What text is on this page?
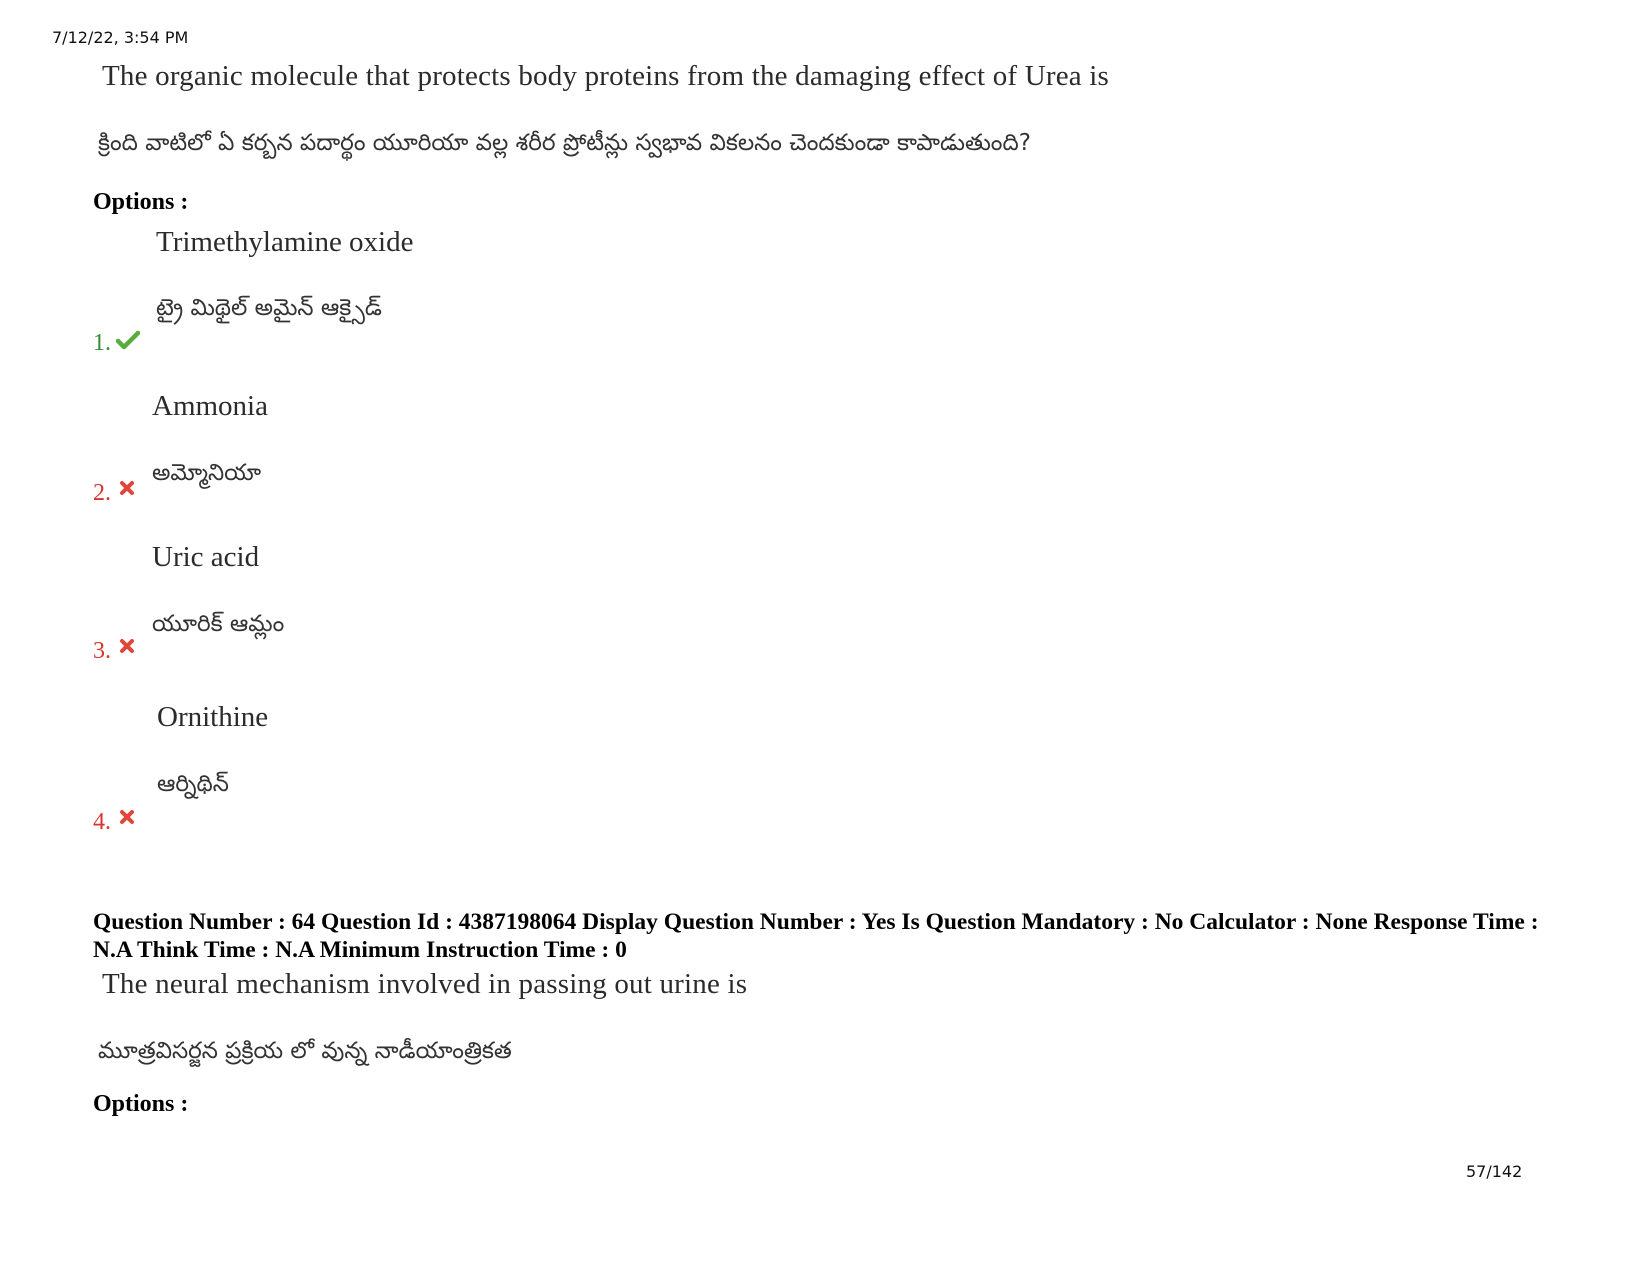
7/12/22, 3:54 PM
The organic molecule that protects body proteins from the damaging effect of Urea is
క్రింది వాటిలో ఏ కర్బన పదార్థం యూరియా వల్ల శరీర ప్రోటీన్లు స్వభావ వికలనం చెందకుండా కాపాడుతుంది?
Options :
Trimethylamine oxide
ట్రై మిథైల్ అమైన్ ఆక్సైడ్
1.
Ammonia
అమ్మోనియా
2.
Uric acid
యూరిక్ ఆమ్లం
3.
Ornithine
ఆర్నిథిన్
4.
Question Number : 64 Question Id : 4387198064 Display Question Number : Yes Is Question Mandatory : No Calculator : None Response Time : N.A Think Time : N.A Minimum Instruction Time : 0
The neural mechanism involved in passing out urine is
మూత్రవిసర్జన ప్రక్రియ లో వున్న నాడీయాంత్రికత
Options :
57/142
